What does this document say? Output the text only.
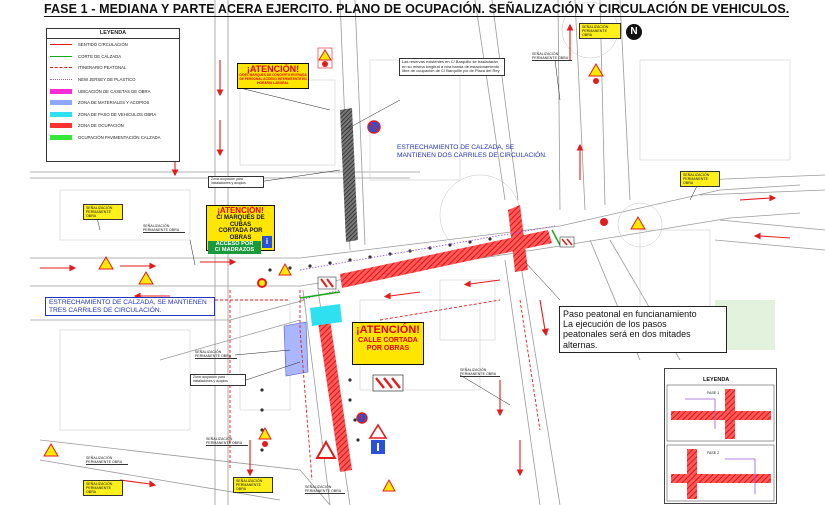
FASE 1 - MEDIANA Y PARTE ACERA EJERCITO. PLANO DE OCUPACIÓN. SEÑALIZACIÓN Y CIRCULACIÓN DE VEHICULOS.
LEYENDA
SENTIDO CIRCULACIÓN
CORTE DE CALZADA
ITINERARIO PEATONAL
NEW JERSEY DE PLASTICO
UBICACIÓN DE CASETAS DE OBRA
ZONA DE MATERIALES Y ACOPIOS
ZONA DE PASO DE VEHICULOS OBRA
ZONA DE OCUPACIÓN
OCUPACIÓN PAVIMENTACIÓN CALZADA
N
¡ATENCIÓN!
C/DEL MARQUES DE CONCERTO ENTRADA DE PERSONAL ACCESO INTERMITENTE EN HORARIO LABORAL
¡ATENCIÓN!
C/ MARQUÉS DE CUBAS
CORTADA POR OBRAS
ACCESO POR
C/ MADRAZOS
i
¡ATENCIÓN!
CALLE CORTADA
POR OBRAS
Las reservas existentes en C/ Barquillo se trasladarán en su misma longitud a otra banda de estacionamiento libre de ocupación de C/ Barquillo y/o de Plaza del Rey
Zona ocupación para instalaciones y acopios
Zona ocupación para instalaciones y acopios
ESTRECHAMIENTO DE CALZADA, SE MANTIENEN DOS CARRILES DE CIRCULACIÓN.
ESTRECHAMIENTO DE CALZADA, SE MANTIENEN TRES CARRILES DE CIRCULACIÓN.
SEÑALIZACIÓN PERMANENTE OBRA
SEÑALIZACIÓN PERMANENTE OBRA
SEÑALIZACIÓN PERMANENTE OBRA
SEÑALIZACIÓN PERMANENTE OBRA
SEÑALIZACIÓN PERMANENTE OBRA
SEÑALIZACIÓN PERMANENTE OBRA
SEÑALIZACIÓN PERMANENTE OBRA
SEÑALIZACIÓN PERMANENTE OBRA
SEÑALIZACIÓN PERMANENTE OBRA
SEÑALIZACIÓN PERMANENTE OBRA
SEÑALIZACIÓN PERMANENTE OBRA
SEÑALIZACIÓN PERMANENTE OBRA
Paso peatonal en funcianamiento
La ejecución de los pasos
peatonales será en dos mitades
alternas.
LEYENDA
FASE 1
FASE 2
